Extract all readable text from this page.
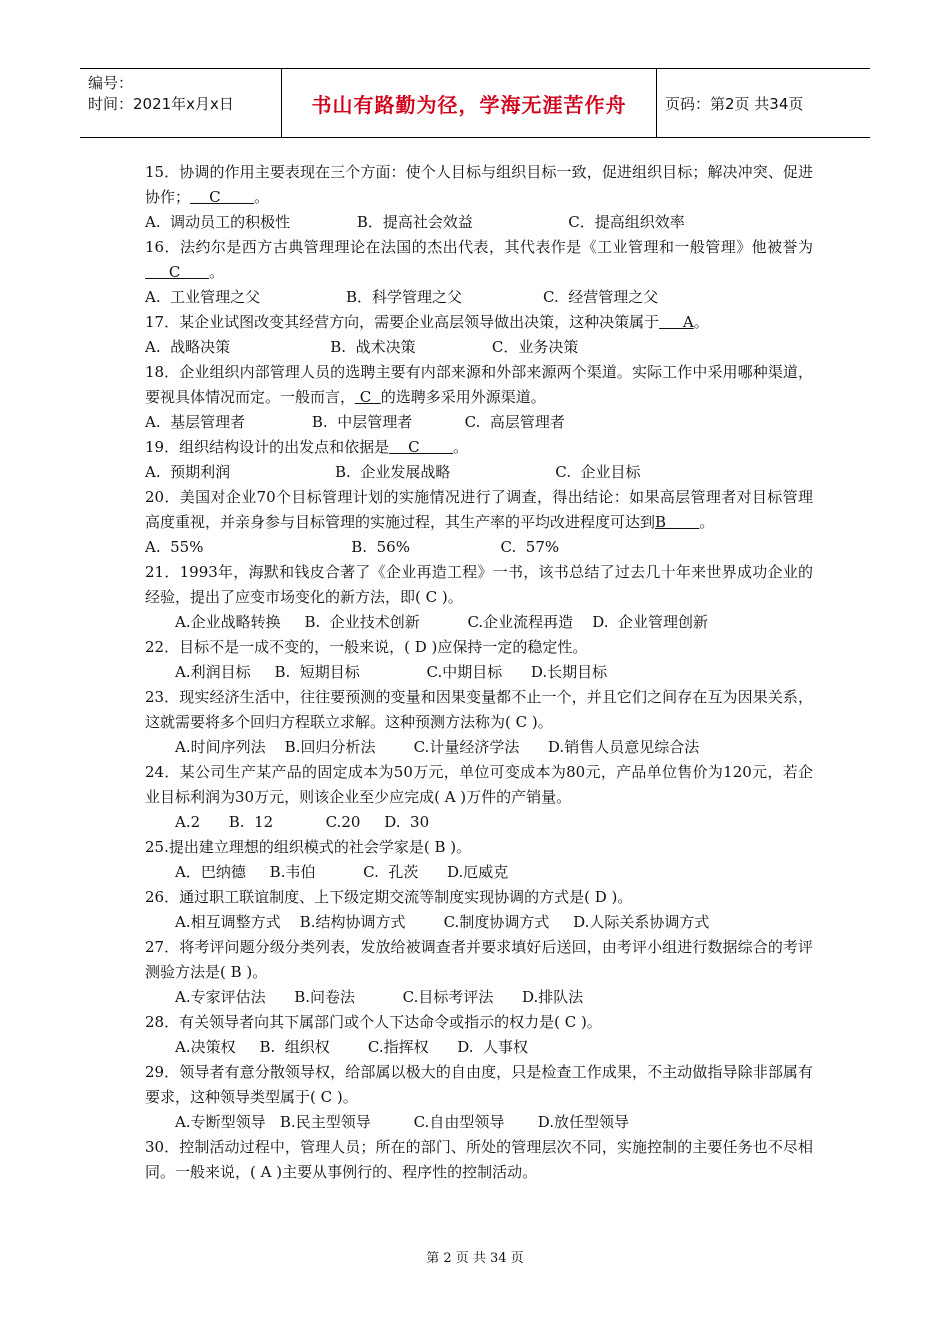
编号：
时间：2021年x月x日	书山有路勤为径，学海无涯苦作舟	页码：第2页 共34页

15．协调的作用主要表现在三个方面：使个人目标与组织目标一致，促进组织目标；解决冲突、促进协作；    C       。

A.  调动员工的积极性              B．提高社会效益                    C．提高组织效率

16．法约尔是西方古典管理理论在法国的杰出代表，其代表作是《工业管理和一般管理》他被誉为     C      。

A.  工业管理之父                  B．科学管理之父                 C.  经营管理之父

17．某企业试图改变其经营方向，需要企业高层领导做出决策，这种决策属于     A。

A.  战略决策                     B.  战术决策                C．业务决策

18．企业组织内部管理人员的选聘主要有内部来源和外部来源两个渠道。实际工作中采用哪种渠道，要视具体情况而定。一般而言， C  的选聘多采用外源渠道。

A.  基层管理者              B.  中层管理者           C.  高层管理者

19．组织结构设计的出发点和依据是    C       。

A.  预期利润                      B.  企业发展战略                      C.  企业目标

20．美国对企业70个目标管理计划的实施情况进行了调查，得出结论：如果高层管理者对目标管理高度重视，并亲身参与目标管理的实施过程，其生产率的平均改进程度可达到B       。

A.  55%                               B.  56%                   C.  57%

21．1993年，海默和钱皮合著了《企业再造工程》一书，该书总结了过去几十年来世界成功企业的经验，提出了应变市场变化的新方法，即( C )。

A.企业战略转换     B.  企业技术创新          C.企业流程再造    D.  企业管理创新

22．目标不是一成不变的，一般来说，( D )应保持一定的稳定性。

A.利润目标     B.  短期目标              C.中期目标      D.长期目标

23．现实经济生活中，往往要预测的变量和因果变量都不止一个，并且它们之间存在互为因果关系，这就需要将多个回归方程联立求解。这种预测方法称为( C )。

A.时间序列法    B.回归分析法        C.计量经济学法      D.销售人员意见综合法

24．某公司生产某产品的固定成本为50万元，单位可变成本为80元，产品单位售价为120元，若企业目标利润为30万元，则该企业至少应完成( A )万件的产销量。

A.2      B.  12           C.20     D.  30

25.提出建立理想的组织模式的社会学家是( B )。

A．巴纳德     B.韦伯          C.  孔茨      D.厄威克

26．通过职工联谊制度、上下级定期交流等制度实现协调的方式是( D )。

A.相互调整方式    B.结构协调方式        C.制度协调方式     D.人际关系协调方式

27．将考评问题分级分类列表，发放给被调查者并要求填好后送回，由考评小组进行数据综合的考评测验方法是( B )。

A.专家评估法      B.问卷法          C.目标考评法      D.排队法

28．有关领导者向其下属部门或个人下达命令或指示的权力是( C )。

A.决策权     B.  组织权        C.指挥权      D.  人事权

29．领导者有意分散领导权，给部属以极大的自由度，只是检查工作成果，不主动做指导除非部属有要求，这种领导类型属于( C )。

A.专断型领导   B.民主型领导         C.自由型领导       D.放任型领导

30．控制活动过程中，管理人员；所在的部门、所处的管理层次不同，实施控制的主要任务也不尽相同。一般来说，( A )主要从事例行的、程序性的控制活动。

第 2 页 共 34 页
